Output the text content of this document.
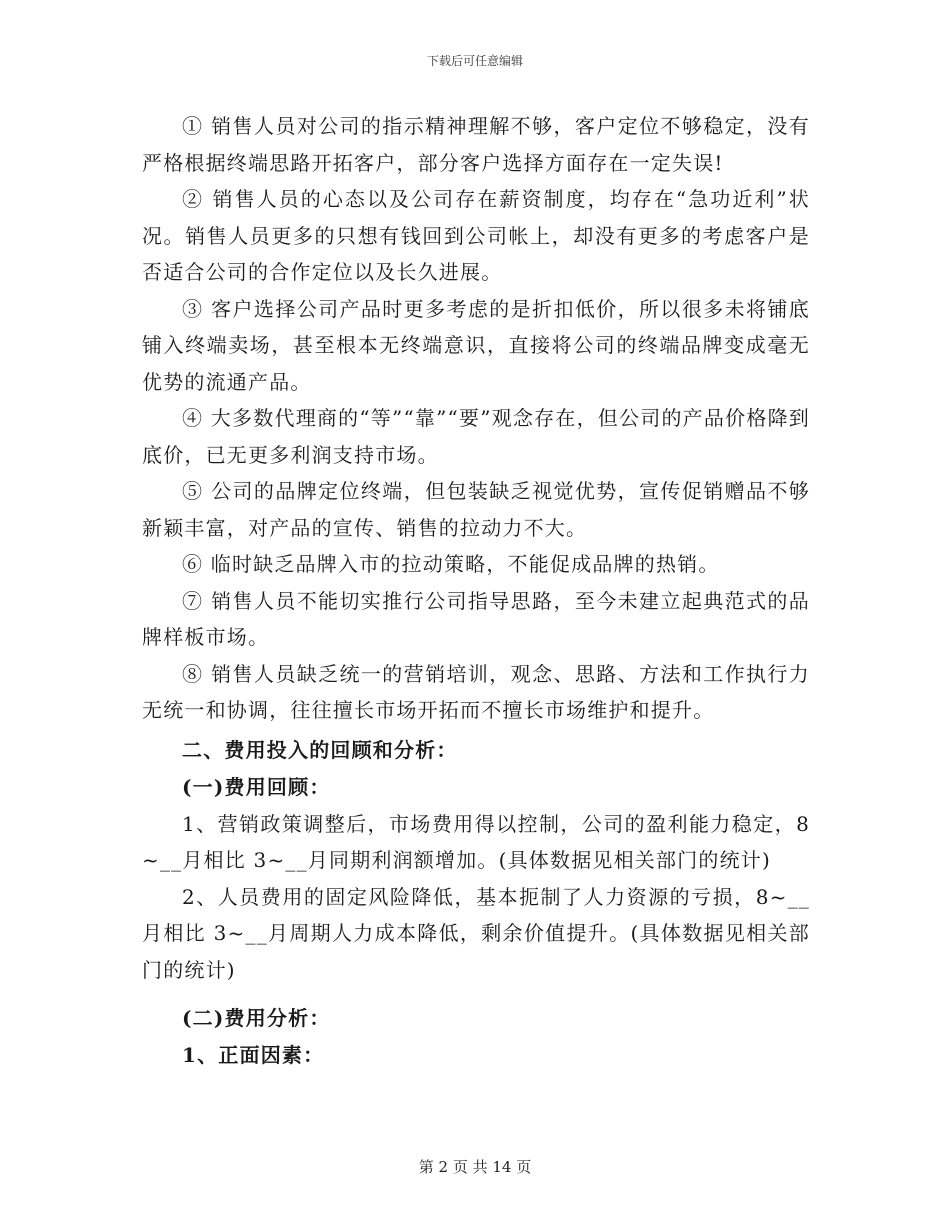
下载后可任意编辑

① 销售人员对公司的指示精神理解不够，客户定位不够稳定，没有严格根据终端思路开拓客户，部分客户选择方面存在一定失误!

② 销售人员的心态以及公司存在薪资制度，均存在“急功近利”状况。销售人员更多的只想有钱回到公司帐上，却没有更多的考虑客户是否适合公司的合作定位以及长久进展。

③ 客户选择公司产品时更多考虑的是折扣低价，所以很多未将铺底铺入终端卖场，甚至根本无终端意识，直接将公司的终端品牌变成毫无优势的流通产品。

④ 大多数代理商的“等”“靠”“要”观念存在，但公司的产品价格降到底价，已无更多利润支持市场。

⑤ 公司的品牌定位终端，但包装缺乏视觉优势，宣传促销赠品不够新颖丰富，对产品的宣传、销售的拉动力不大。

⑥ 临时缺乏品牌入市的拉动策略，不能促成品牌的热销。

⑦ 销售人员不能切实推行公司指导思路，至今未建立起典范式的品牌样板市场。

⑧ 销售人员缺乏统一的营销培训，观念、思路、方法和工作执行力无统一和协调，往往擅长市场开拓而不擅长市场维护和提升。

二、费用投入的回顾和分析：

(一)费用回顾：

1、营销政策调整后，市场费用得以控制，公司的盈利能力稳定，8~__月相比 3~__月同期利润额增加。(具体数据见相关部门的统计)

2、人员费用的固定风险降低，基本扼制了人力资源的亏损，8~__月相比 3~__月周期人力成本降低，剩余价值提升。(具体数据见相关部门的统计)

(二)费用分析：

1、正面因素：

第 2 页 共 14 页
